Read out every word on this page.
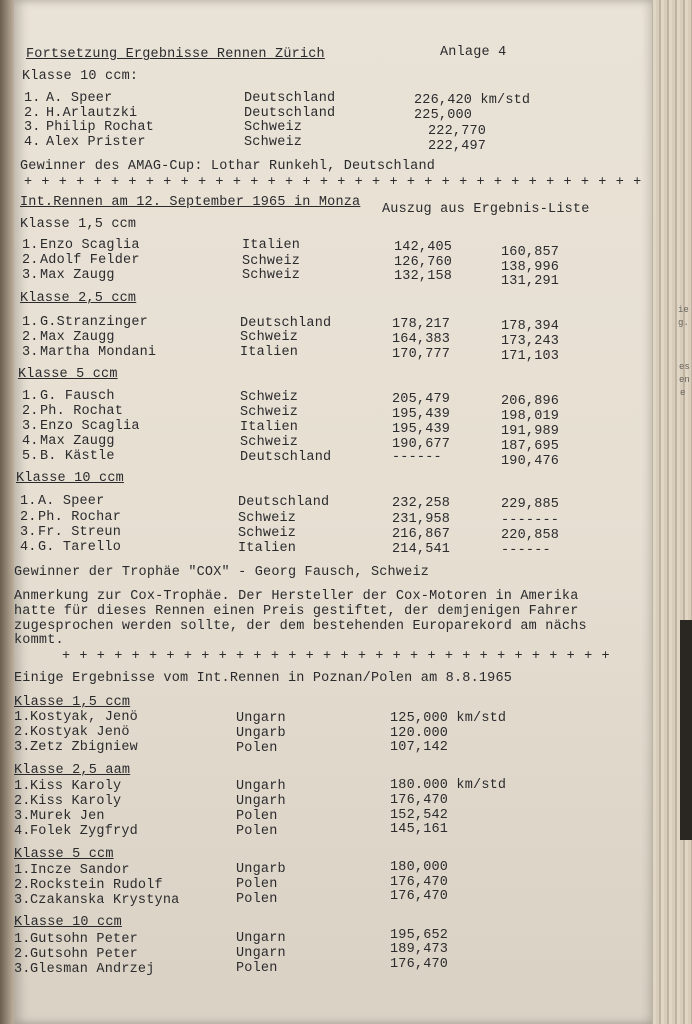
Fortsetzung Ergebnisse Rennen Zürich	Anlage 4
Klasse 10 ccm:
1. A. Speer	Deutschland	226,420 km/std
2. H.Arlautzki	Deutschland	225,000
3. Philip Rochat	Schweiz	222,770
4. Alex Prister	Schweiz	222,497
Gewinner des AMAG-Cup: Lothar Runkehl, Deutschland
+ + + + + + + + + + + + + + + + + + + + + + + + + + + + + + + + + + + +
Int.Rennen am 12. September 1965 in Monza Auszug aus Ergebnis-Liste
Klasse 1,5 ccm
1. Enzo Scaglia	Italien	142,405	160,857
2. Adolf Felder	Schweiz	126,760	138,996
3. Max Zaugg	Schweiz	132,158	131,291
Klasse 2,5 ccm
1. G.Stranzinger	Deutschland	178,217	178,394
2. Max Zaugg	Schweiz	164,383	173,243
3. Martha Mondani	Italien	170,777	171,103
Klasse 5 ccm
1. G. Fausch	Schweiz	205,479	206,896
2. Ph. Rochat	Schweiz	195,439	198,019
3. Enzo Scaglia	Italien	195,439	191,989
4. Max Zaugg	Schweiz	190,677	187,695
5. B. Kästle	Deutschland	------	190,476
Klasse 10 ccm
1. A. Speer	Deutschland	232,258	229,885
2. Ph. Rochar	Schweiz	231,958	-------
3. Fr. Streun	Schweiz	216,867	220,858
4. G. Tarello	Italien	214,541	------
Gewinner der Trophäe "COX" - Georg Fausch, Schweiz
Anmerkung zur Cox-Trophäe. Der Hersteller der Cox-Motoren in Amerika
hatte für dieses Rennen einen Preis gestiftet, der demjenigen Fahrer
zugesprochen werden sollte, der dem bestehenden Europarekord am nächs
kommt.
+ + + + + + + + + + + + + + + + + + + + + + + + + + + + + + + +
Einige Ergebnisse vom Int.Rennen in Poznan/Polen am 8.8.1965
Klasse 1,5 ccm
1. Kostyak, Jenö	Ungarn	125,000 km/std
2. Kostyak Jenö	Ungarb	120.000
3. Zetz Zbigniew	Polen	107,142
Klasse 2,5 aam
1. Kiss Karoly	Ungarh	180.000 km/std
2. Kiss Karoly	Ungarh	176,470
3. Murek Jen	Polen	152,542
4. Folek Zygfryd	Polen	145,161
Klasse 5 ccm
1. Incze Sandor	Ungarb	180,000
2. Rockstein Rudolf	Polen	176,470
3. Czakanska Krystyna	Polen	176,470
Klasse 10 ccm
1. Gutsohn Peter	Ungarn	195,652
2. Gutsohn Peter	Ungarn	189,473
3. Glesman Andrzej	Polen	176,470
ie
g.
es
en
e
